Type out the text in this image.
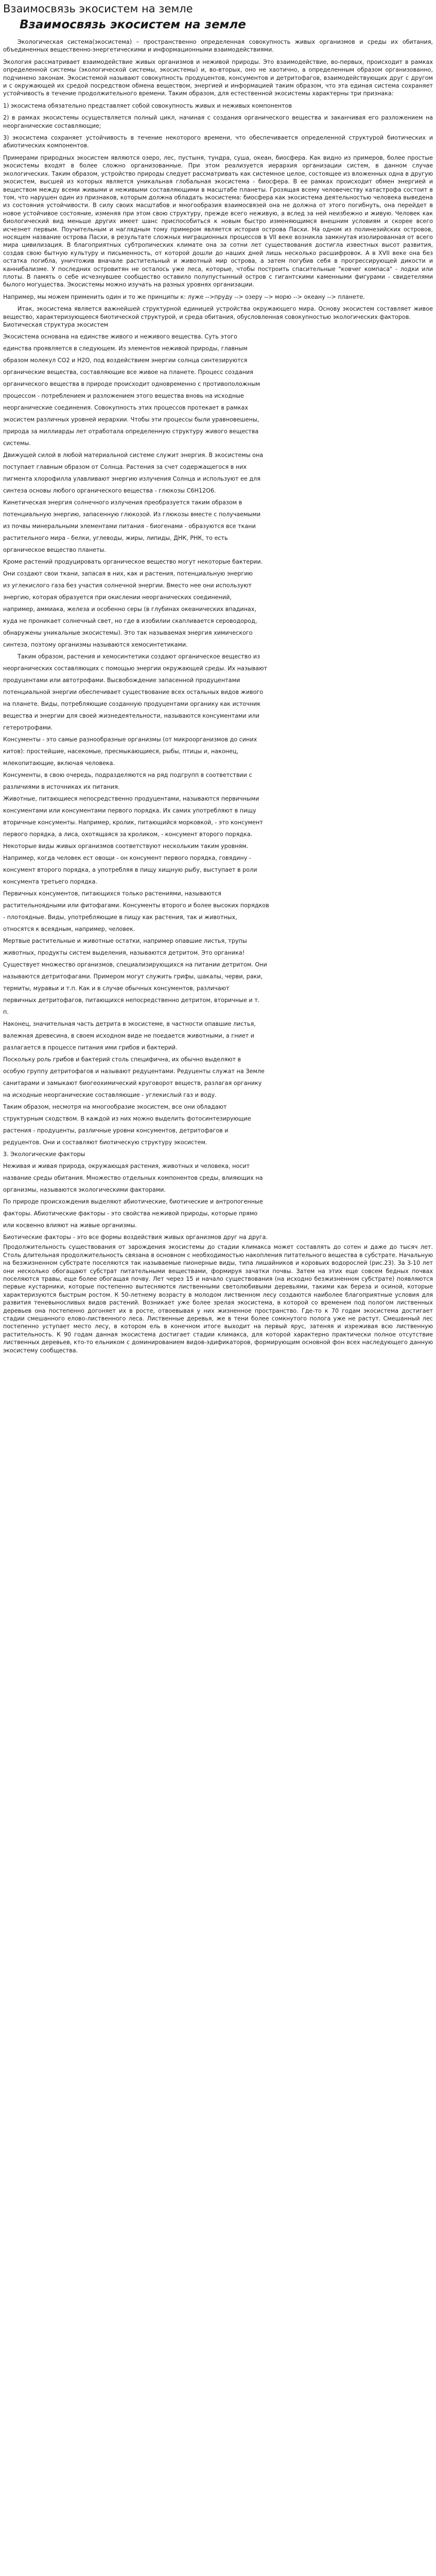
Взаимосвязь экосистем на земле
Взаимосвязь экосистем на земле

Экологическая система(экосистема) – пространственно определенная совокупность живых организмов и среды их обитания, объединенных вещественно-энергетическими и информационными взаимодействиями.

Экология рассматривает взаимодействие живых организмов и неживой природы. Это взаимодействие, во-первых, происходит в рамках определенной системы (экологической системы, экосистемы) и, во-вторых, оно не хаотично, а определенным образом организованно, подчинено законам. Экосистемой называют совокупность продуцентов, консументов и детритофагов, взаимодействующих друг с другом и с окружающей их средой посредством обмена веществом, энергией и информацией таким образом, что эта единая система сохраняет устойчивость в течение продолжительного времени. Таким образом, для естественной экосистемы характерны три признака:

1) экосистема обязательно представляет собой совокупность живых и неживых компонентов

2) в рамках экосистемы осуществляется полный цикл, начиная с создания органического вещества и заканчивая его разложением на неорганические составляющие;

3) экосистема сохраняет устойчивость в течение некоторого времени, что обеспечивается определенной структурой биотических и абиотических компонентов.

Примерами природных экосистем являются озеро, лес, пустыня, тундра, суша, океан, биосфера. Как видно из примеров, более простые экосистемы входят в более сложно организованные. При этом реализуется иерархия организации систем, в данном случае экологических. Таким образом, устройство природы следует рассматривать как системное целое, состоящее из вложенных одна в другую экосистем, высшей из которых является уникальная глобальная экосистема - биосфера. В ее рамках происходит обмен энергией и веществом между всеми живыми и неживыми составляющими в масштабе планеты. Грозящая всему человечеству катастрофа состоит в том, что нарушен один из признаков, которым должна обладать экосистема: биосфера как экосистема деятельностью человека выведена из состояния устойчивости. В силу своих масштабов и многообразия взаимосвязей она не должна от этого погибнуть, она перейдет в новое устойчивое состояние, изменяя при этом свою структуру, прежде всего неживую, а вслед за ней неизбежно и живую. Человек как биологический вид меньше других имеет шанс приспособиться к новым быстро изменяющимся внешним условиям и скорее всего исчезнет первым. Поучительным и наглядным тому примером является история острова Пасхи. На одном из полинезийских островов, носящем название острова Пасхи, в результате сложных миграционных процессов в VII веке возникла замкнутая изолированная от всего мира цивилизация. В благоприятных субтропических климате она за сотни лет существования достигла известных высот развития, создав свою бытную культуру и письменность, от которой дошли до наших дней лишь несколько расшифровок. А в XVII веке она без остатка погибла, уничтожив вначале растительный и животный мир острова, а затем погубив себя в прогрессирующей дикости и каннибализме. У последних островитян не осталось уже леса, которые, чтобы построить спасительные "ковчег компаса" - лодки или плоты. В память о себе исчезнувшее сообщество оставило полупустынный остров с гигантскими каменными фигурами - свидетелями былого могущества. Экосистемы можно изучать на разных уровнях организации.

Например, мы можем применить один и то же принципы к: луже -->пруду --> озеру --> морю --> океану --> планете.

Итак, экосистема является важнейшей структурной единицей устройства окружающего мира. Основу экосистем составляет живое вещество, характеризующееся биотической структурой, и среда обитания, обусловленная совокупностью экологических факторов.

Биотическая структура экосистем

Экосистема основана на единстве живого и неживого вещества. Суть этого

единства проявляется в следующем. Из элементов неживой природы, главным

образом молекул СО2 и Н2О, под воздействием энергии солнца синтезируются

органические вещества, составляющие все живое на планете. Процесс создания

органического вещества в природе происходит одновременно с противоположным

процессом - потреблением и разложением этого вещества вновь на исходные

неорганические соединения. Совокупность этих процессов протекает в рамках

экосистем различных уровней иерархии. Чтобы эти процессы были уравновешены,

природа за миллиарды лет отработала определенную структуру живого вещества

системы.

Движущей силой в любой материальной системе служит энергия. В экосистемы она

поступает главным образом от Солнца. Растения за счет содержащегося в них

пигмента хлорофилла улавливают энергию излучения Солнца и используют ее для

синтеза основы любого органического вещества - глюкозы С6Н12О6.

Кинетическая энергия солнечного излучения преобразуется таким образом в

потенциальную энергию, запасенную глюкозой. Из глюкозы вместе с получаемыми

из почвы минеральными элементами питания - биогенами - образуются все ткани

растительного мира - белки, углеводы, жиры, липиды, ДНК, РНК, то есть

органическое вещество планеты.

Кроме растений продуцировать органическое вещество могут некоторые бактерии.

Они создают свои ткани, запасая в них, как и растения, потенциальную энергию

из углекислого газа без участия солнечной энергии. Вместо нее они используют

энергию, которая образуется при окислении неорганических соединений,

например, аммиака, железа и особенно серы (в глубинах океанических впадинах,

куда не проникает солнечный свет, но где в изобилии скапливается сероводород,

обнаружены уникальные экосистемы). Это так называемая энергия химического

синтеза, поэтому организмы называются хемосинтетиками.

Таким образом, растения и хемосинтетики создают органическое вещество из

неорганических составляющих с помощью энергии окружающей среды. Их называют

продуцентами или автотрофами. Высвобождение запасенной продуцентами

потенциальной энергии обеспечивает существование всех остальных видов живого

на планете. Виды, потребляющие созданную продуцентами органику как источник

вещества и энергии для своей жизнедеятельности, называются консументами или

гетеротрофами.

Консументы - это самые разнообразные организмы (от микроорганизмов до синих

китов): простейшие, насекомые, пресмыкающиеся, рыбы, птицы и, наконец,

млекопитающие, включая человека.

Консументы, в свою очередь, подразделяются на ряд подгрупп в соответствии с

различиями в источниках их питания.

Животные, питающиеся непосредственно продуцентами, называются первичными

консументами или консументами первого порядка. Их самих употребляют в пищу

вторичные консументы. Например, кролик, питающийся морковкой, - это консумент

первого порядка, а лиса, охотящаяся за кроликом, - консумент второго порядка.

Некоторые виды живых организмов соответствуют нескольким таким уровням.

Например, когда человек ест овощи - он консумент первого порядка, говядину -

консумент второго порядка, а употребляя в пищу хищную рыбу, выступает в роли

консумента третьего порядка.

Первичных консументов, питающихся только растениями, называются

растительноядными или фитофагами. Консументы второго и более высоких порядков

- плотоядные. Виды, употребляющие в пищу как растения, так и животных,

относятся к всеядным, например, человек.

Мертвые растительные и животные остатки, например опавшие листья, трупы

животных, продукты систем выделения, называются детритом. Это органика!

Существует множество организмов, специализирующихся на питании детритом. Они

называются детритофагами. Примером могут служить грифы, шакалы, черви, раки,

термиты, муравьи и т.п. Как и в случае обычных консументов, различают

первичных детритофагов, питающихся непосредственно детритом, вторичные и т.

п.

Наконец, значительная часть детрита в экосистеме, в частности опавшие листья,

валежная древесина, в своем исходном виде не поедается животными, а гниет и

разлагается в процессе питания ими грибов и бактерий.

Поскольку роль грибов и бактерий столь специфична, их обычно выделяют в

особую группу детритофагов и называют редуцентами. Редуценты служат на Земле

санитарами и замыкают биогеохимический круговорот веществ, разлагая органику

на исходные неорганические составляющие - углекислый газ и воду.

Таким образом, несмотря на многообразие экосистем, все они обладают

структурным сходством. В каждой из них можно выделить фотосинтезирующие

растения - продуценты, различные уровни консументов, детритофагов и

редуцентов. Они и составляют биотическую структуру экосистем.

3. Экологические факторы

Неживая и живая природа, окружающая растения, животных и человека, носит

название среды обитания. Множество отдельных компонентов среды, влияющих на

организмы, называются экологическими факторами.

По природе происхождения выделяют абиотические, биотические и антропогенные

факторы. Абиотические факторы - это свойства неживой природы, которые прямо

или косвенно влияют на живые организмы.

Биотические факторы - это все формы воздействия живых организмов друг на друга.

Продолжительность существования от зарождения экосистемы до стадии климакса может составлять до сотен и даже до тысяч лет. Столь длительная продолжительность связана в основном с необходимостью накопления питательного вещества в субстрате. Начальную на безжизненном субстрате поселяются так называемые пионерные виды, типа лишайников и коровьих водорослей (рис.23). За 3-10 лет они несколько обогащают субстрат питательными веществами, формируя зачатки почвы. Затем на этих еще совсем бедных почвах поселяются травы, еще более обогащая почву. Лет через 15 и начало существования (на исходно безжизненном субстрате) появляются первые кустарники, которые постепенно вытесняются лиственными светолюбивыми деревьями, такими как береза и осиной, которые характеризуются быстрым ростом. К 50-летнему возрасту в молодом лиственном лесу создаются наиболее благоприятные условия для развития теневыносливых видов растений. Возникает уже более зрелая экосистема, в которой со временем под пологом лиственных деревьев она постепенно догоняет их в росте, отвоевывая у них жизненное пространство. Где-то к 70 годам экосистема достигает стадии смешанного елово-лиственного леса. Лиственные деревья, же в тени более сомкнутого полога уже не растут. Смешанный лес постепенно уступает место лесу, в котором ель в конечном итоге выходит на первый ярус, затеняя и изреживая всю лиственную растительность. К 90 годам данная экосистема достигает стадии климакса, для которой характерно практически полное отсутствие лиственных деревьев, кто-то ельником с доминированием видов-эдификаторов, формирующим основной фон всех наследующего данную экосистему сообщества.
